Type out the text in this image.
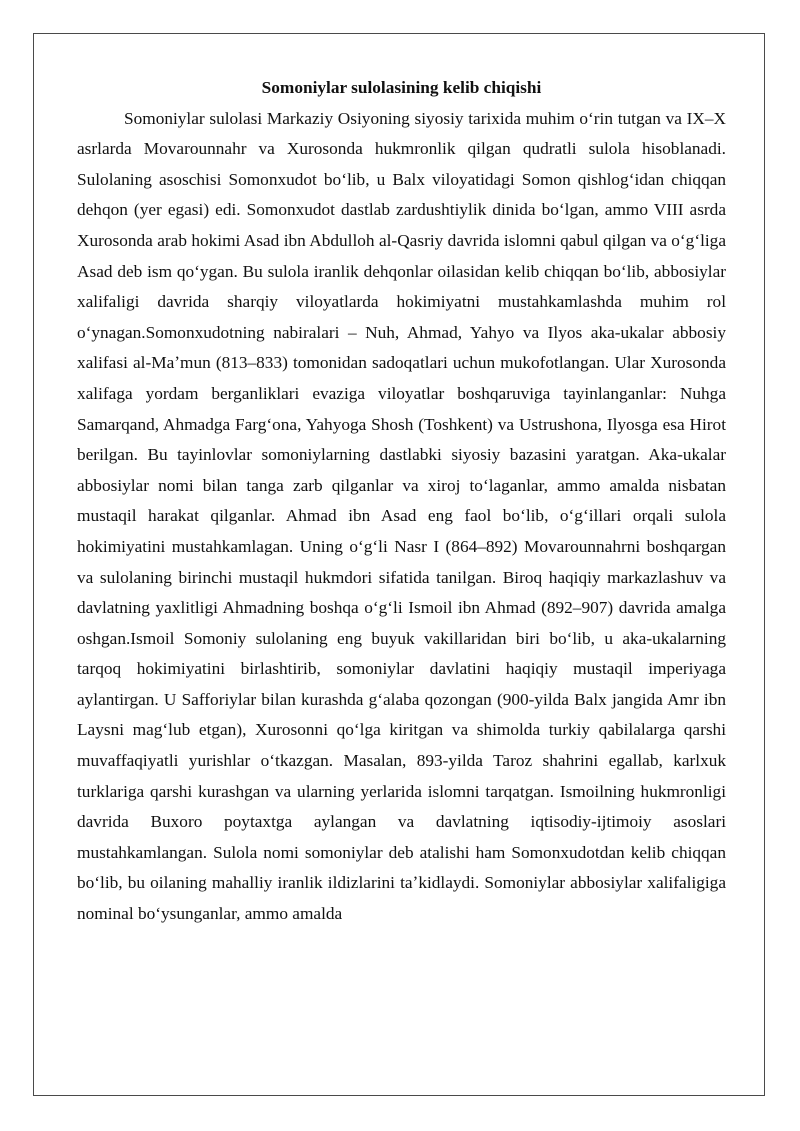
Somoniylar sulolasining kelib chiqishi

Somoniylar sulolasi Markaziy Osiyoning siyosiy tarixida muhim oʻrin tutgan va IX–X asrlarda Movarounnahr va Xurosonda hukmronlik qilgan qudratli sulola hisoblanadi. Sulolaning asoschisi Somonxudot boʻlib, u Balx viloyatidagi Somon qishlogʻidan chiqqan dehqon (yer egasi) edi. Somonxudot dastlab zardushtiylik dinida boʻlgan, ammo VIII asrda Xurosonda arab hokimi Asad ibn Abdulloh al-Qasriy davrida islomni qabul qilgan va oʻgʻliga Asad deb ism qoʻygan. Bu sulola iranlik dehqonlar oilasidan kelib chiqqan boʻlib, abbosiylar xalifaligi davrida sharqiy viloyatlarda hokimiyatni mustahkamlashda muhim rol oʻynagan.Somonxudotning nabiralari – Nuh, Ahmad, Yahyo va Ilyos aka-ukalar abbosiy xalifasi al-Maʼmun (813–833) tomonidan sadoqatlari uchun mukofotlangan. Ular Xurosonda xalifaga yordam berganliklari evaziga viloyatlar boshqaruviga tayinlanganlar: Nuhga Samarqand, Ahmadga Fargʻona, Yahyoga Shosh (Toshkent) va Ustrushona, Ilyosga esa Hirot berilgan. Bu tayinlovlar somoniylarning dastlabki siyosiy bazasini yaratgan. Aka-ukalar abbosiylar nomi bilan tanga zarb qilganlar va xiroj toʻlaganlar, ammo amalda nisbatan mustaqil harakat qilganlar. Ahmad ibn Asad eng faol boʻlib, oʻgʻillari orqali sulola hokimiyatini mustahkamlagan. Uning oʻgʻli Nasr I (864–892) Movarounnahrni boshqargan va sulolaning birinchi mustaqil hukmdori sifatida tanilgan. Biroq haqiqiy markazlashuv va davlatning yaxlitligi Ahmadning boshqa oʻgʻli Ismoil ibn Ahmad (892–907) davrida amalga oshgan.Ismoil Somoniy sulolaning eng buyuk vakillaridan biri boʻlib, u aka-ukalarning tarqoq hokimiyatini birlashtirib, somoniylar davlatini haqiqiy mustaqil imperiyaga aylantirgan. U Safforiylar bilan kurashda gʻalaba qozongan (900-yilda Balx jangida Amr ibn Laysni magʻlub etgan), Xurosonni qoʻlga kiritgan va shimolda turkiy qabilalarga qarshi muvaffaqiyatli yurishlar oʻtkazgan. Masalan, 893-yilda Taroz shahrini egallab, karlxuk turklariga qarshi kurashgan va ularning yerlarida islomni tarqatgan. Ismoilning hukmronligi davrida Buxoro poytaxtga aylangan va davlatning iqtisodiy-ijtimoiy asoslari mustahkamlangan. Sulola nomi somoniylar deb atalishi ham Somonxudotdan kelib chiqqan boʻlib, bu oilaning mahalliy iranlik ildizlarini taʼkidlaydi. Somoniylar abbosiylar xalifaligiga nominal boʻysunganlar, ammo amalda
